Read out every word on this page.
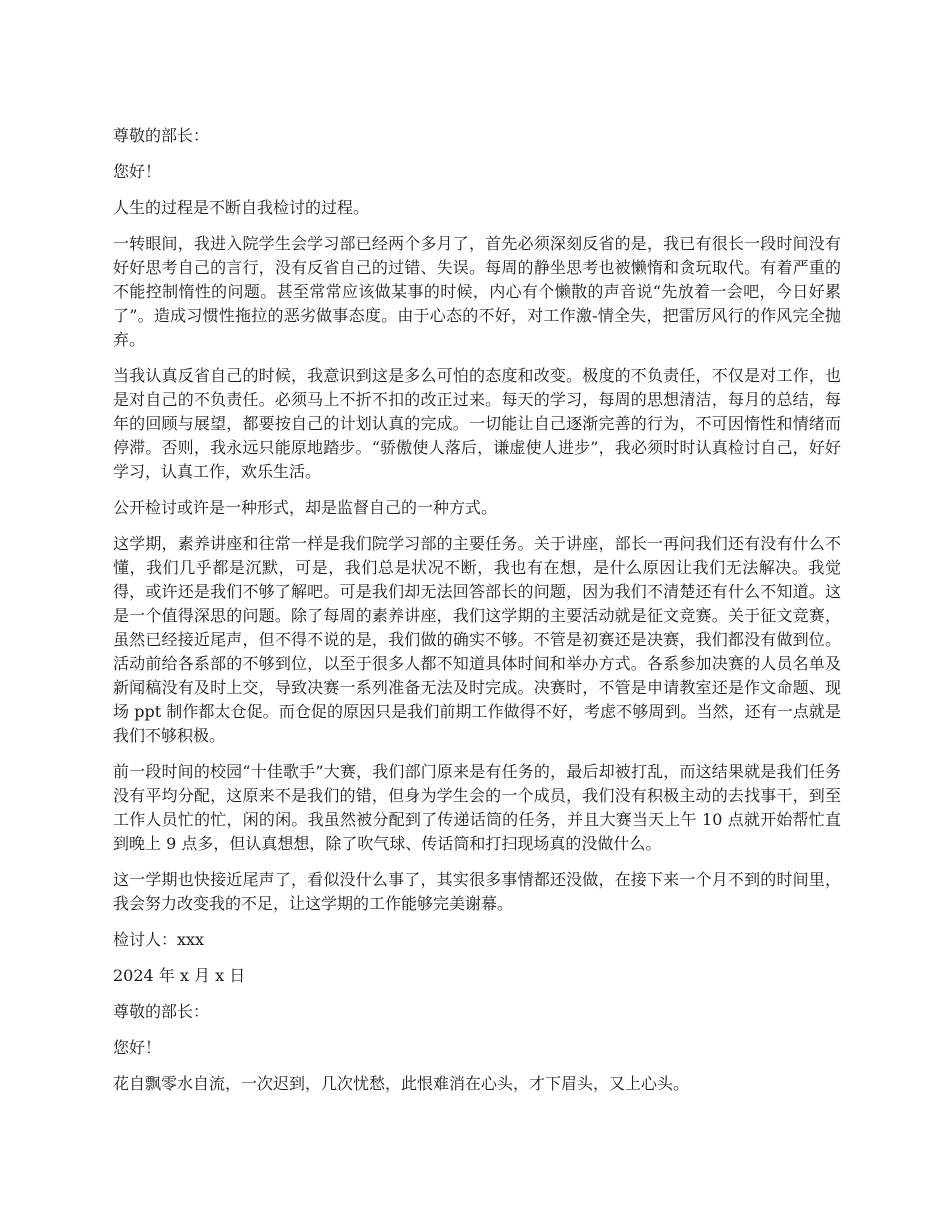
尊敬的部长：

您好！

人生的过程是不断自我检讨的过程。

一转眼间，我进入院学生会学习部已经两个多月了，首先必须深刻反省的是，我已有很长一段时间没有好好思考自己的言行，没有反省自己的过错、失误。每周的静坐思考也被懒惰和贪玩取代。有着严重的不能控制惰性的问题。甚至常常应该做某事的时候，内心有个懒散的声音说“先放着一会吧，今日好累了”。造成习惯性拖拉的恶劣做事态度。由于心态的不好，对工作激-情全失，把雷厉风行的作风完全抛弃。

当我认真反省自己的时候，我意识到这是多么可怕的态度和改变。极度的不负责任，不仅是对工作，也是对自己的不负责任。必须马上不折不扣的改正过来。每天的学习，每周的思想清洁，每月的总结，每年的回顾与展望，都要按自己的计划认真的完成。一切能让自己逐渐完善的行为，不可因惰性和情绪而停滞。否则，我永远只能原地踏步。“骄傲使人落后，谦虚使人进步”，我必须时时认真检讨自己，好好学习，认真工作，欢乐生活。

公开检讨或许是一种形式，却是监督自己的一种方式。

这学期，素养讲座和往常一样是我们院学习部的主要任务。关于讲座，部长一再问我们还有没有什么不懂，我们几乎都是沉默，可是，我们总是状况不断，我也有在想，是什么原因让我们无法解决。我觉得，或许还是我们不够了解吧。可是我们却无法回答部长的问题，因为我们不清楚还有什么不知道。这是一个值得深思的问题。除了每周的素养讲座，我们这学期的主要活动就是征文竞赛。关于征文竞赛，虽然已经接近尾声，但不得不说的是，我们做的确实不够。不管是初赛还是决赛，我们都没有做到位。活动前给各系部的不够到位，以至于很多人都不知道具体时间和举办方式。各系参加决赛的人员名单及新闻稿没有及时上交，导致决赛一系列准备无法及时完成。决赛时，不管是申请教室还是作文命题、现场 ppt 制作都太仓促。而仓促的原因只是我们前期工作做得不好，考虑不够周到。当然，还有一点就是我们不够积极。

前一段时间的校园“十佳歌手”大赛，我们部门原来是有任务的，最后却被打乱，而这结果就是我们任务没有平均分配，这原来不是我们的错，但身为学生会的一个成员，我们没有积极主动的去找事干，到至工作人员忙的忙，闲的闲。我虽然被分配到了传递话筒的任务，并且大赛当天上午 10 点就开始帮忙直到晚上 9 点多，但认真想想，除了吹气球、传话筒和打扫现场真的没做什么。

这一学期也快接近尾声了，看似没什么事了，其实很多事情都还没做，在接下来一个月不到的时间里，我会努力改变我的不足，让这学期的工作能够完美谢幕。

检讨人：xxx

2024 年 x 月 x 日

尊敬的部长：

您好！

花自飘零水自流，一次迟到，几次忧愁，此恨难消在心头，才下眉头，又上心头。
